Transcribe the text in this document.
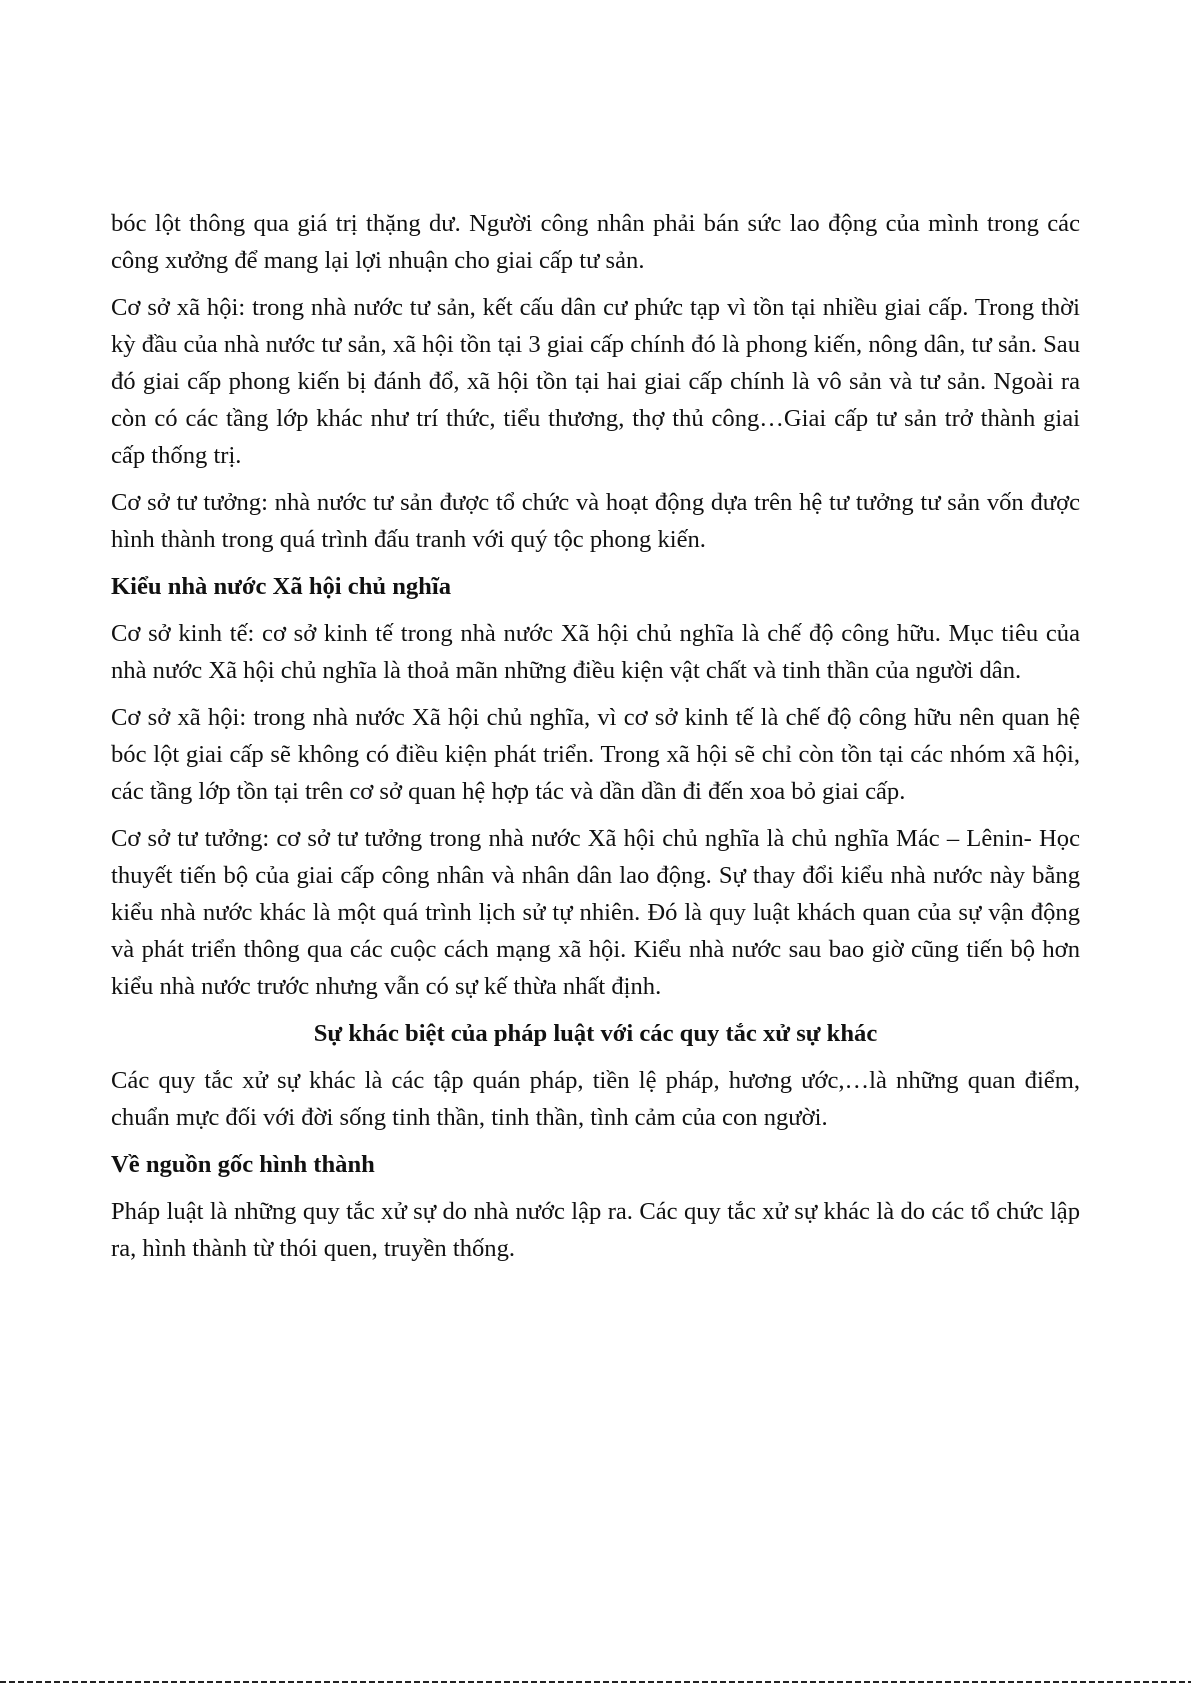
bóc lột thông qua giá trị thặng dư. Người công nhân phải bán sức lao động của mình trong các công xưởng để mang lại lợi nhuận cho giai cấp tư sản.

Cơ sở xã hội: trong nhà nước tư sản, kết cấu dân cư phức tạp vì tồn tại nhiều giai cấp. Trong thời kỳ đầu của nhà nước tư sản, xã hội tồn tại 3 giai cấp chính đó là phong kiến, nông dân, tư sản. Sau đó giai cấp phong kiến bị đánh đổ, xã hội tồn tại hai giai cấp chính là vô sản và tư sản. Ngoài ra còn có các tầng lớp khác như trí thức, tiểu thương, thợ thủ công…Giai cấp tư sản trở thành giai cấp thống trị.

Cơ sở tư tưởng: nhà nước tư sản được tổ chức và hoạt động dựa trên hệ tư tưởng tư sản vốn được hình thành trong quá trình đấu tranh với quý tộc phong kiến.

Kiểu nhà nước Xã hội chủ nghĩa

Cơ sở kinh tế: cơ sở kinh tế trong nhà nước Xã hội chủ nghĩa là chế độ công hữu. Mục tiêu của nhà nước Xã hội chủ nghĩa là thoả mãn những điều kiện vật chất và tinh thần của người dân.

Cơ sở xã hội: trong nhà nước Xã hội chủ nghĩa, vì cơ sở kinh tế là chế độ công hữu nên quan hệ bóc lột giai cấp sẽ không có điều kiện phát triển. Trong xã hội sẽ chỉ còn tồn tại các nhóm xã hội, các tầng lớp tồn tại trên cơ sở quan hệ hợp tác và dần dần đi đến xoa bỏ giai cấp.

Cơ sở tư tưởng: cơ sở tư tưởng trong nhà nước Xã hội chủ nghĩa là chủ nghĩa Mác – Lênin- Học thuyết tiến bộ của giai cấp công nhân và nhân dân lao động. Sự thay đổi kiểu nhà nước này bằng kiểu nhà nước khác là một quá trình lịch sử tự nhiên. Đó là quy luật khách quan của sự vận động và phát triển thông qua các cuộc cách mạng xã hội. Kiểu nhà nước sau bao giờ cũng tiến bộ hơn kiểu nhà nước trước nhưng vẫn có sự kế thừa nhất định.

Sự khác biệt của pháp luật với các quy tắc xử sự khác

Các quy tắc xử sự khác là các tập quán pháp, tiền lệ pháp, hương ước,…là những quan điểm, chuẩn mực đối với đời sống tinh thần, tinh thần, tình cảm của con người.

Về nguồn gốc hình thành

Pháp luật là những quy tắc xử sự do nhà nước lập ra. Các quy tắc xử sự khác là do các tổ chức lập ra, hình thành từ thói quen, truyền thống.
